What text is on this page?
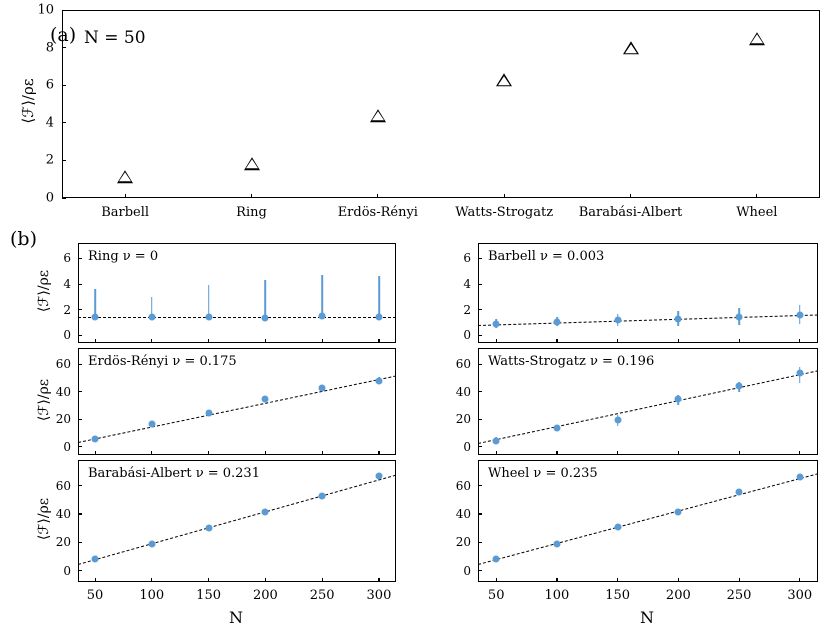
(b)
0
2
4
6
8
10
Barbell	Ring	Erdös-Rényi	Watts-Strogatz	Barabási-Albert	Wheel
⟨ℱ⟩/ρε
N = 50
0
2
4
6
0
2
4
6
0
20
40
60
0
20
40
60
0
20
40
60
50	100	150	200	250	300
0
20
40
60
50	100	150	200	250	300
(a)
Ring ν = 0
⟨ℱ⟩/ρε
Barbell ν = 0.003
Erdös-Rényi ν = 0.175
⟨ℱ⟩/ρε
Watts-Strogatz ν = 0.196
Barabási-Albert ν = 0.231
⟨ℱ⟩/ρε
N
Wheel ν = 0.235
N
